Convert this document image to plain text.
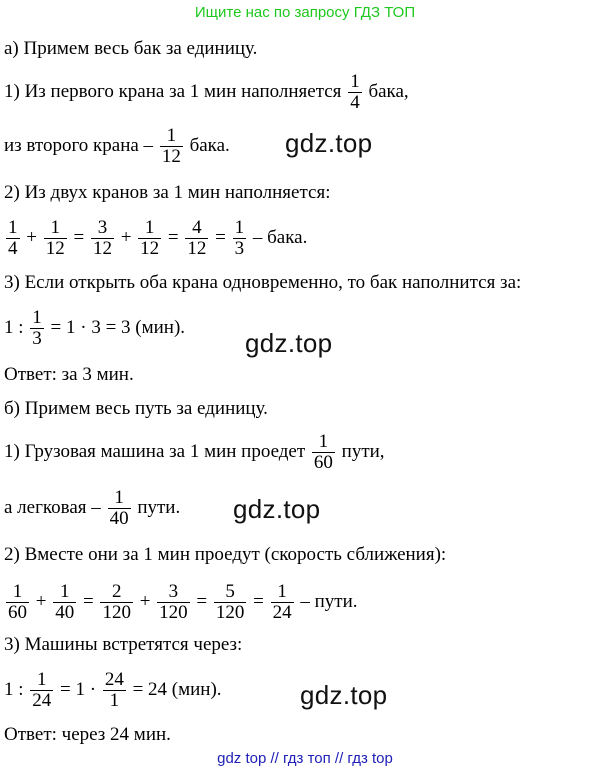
Ищите нас по запросу ГДЗ ТОП
а) Примем весь бак за единицу.
1) Из первого крана за 1 мин наполняется $\frac{1}{4}$ бака,
из второго крана – $\frac{1}{12}$ бака. gdz.top
2) Из двух кранов за 1 мин наполняется:
$\frac{1}{4} + \frac{1}{12} = \frac{3}{12} + \frac{1}{12} = \frac{4}{12} = \frac{1}{3}$ – бака.
3) Если открыть оба крана одновременно, то бак наполнится за:
1 : $\frac{1}{3} = 1 \cdot 3 = 3$ (мин).
gdz.top
Ответ: за 3 мин.
б) Примем весь путь за единицу.
1) Грузовая машина за 1 мин проедет $\frac{1}{60}$ пути,
а легковая – $\frac{1}{40}$ пути. gdz.top
2) Вместе они за 1 мин проедут (скорость сближения):
$\frac{1}{60} + \frac{1}{40} = \frac{2}{120} + \frac{3}{120} = \frac{5}{120} = \frac{1}{24}$ – пути.
3) Машины встретятся через:
1 : $\frac{1}{24} = 1 \cdot \frac{24}{1} = 24$ (мин).	gdz.top
Ответ: через 24 мин.
gdz top // гдз топ // гдз top
